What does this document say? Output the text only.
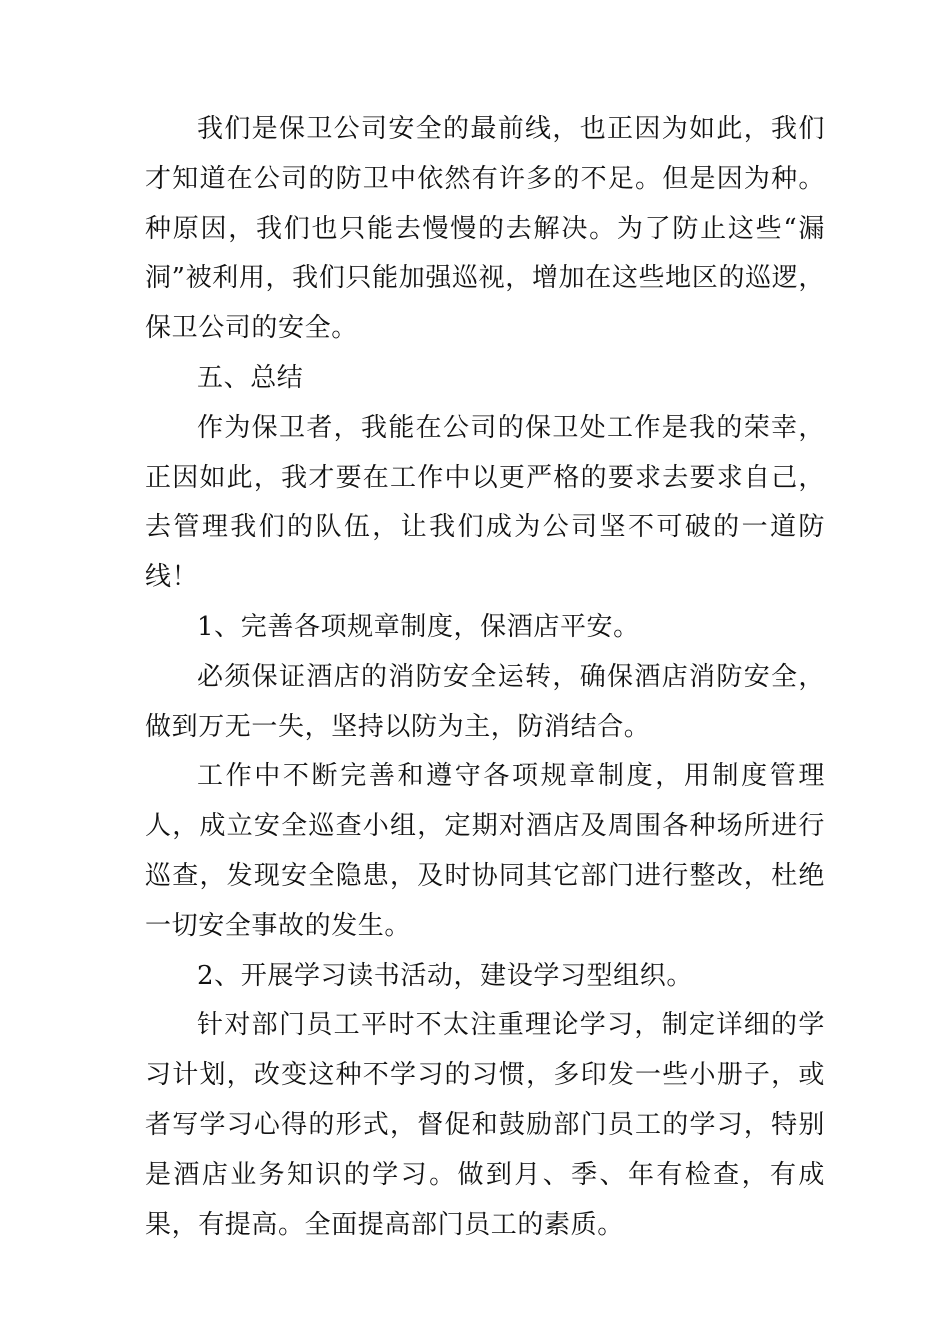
我们是保卫公司安全的最前线，也正因为如此，我们才知道在公司的防卫中依然有许多的不足。但是因为种。种原因，我们也只能去慢慢的去解决。为了防止这些“漏洞”被利用，我们只能加强巡视，增加在这些地区的巡逻，保卫公司的安全。

五、总结

作为保卫者，我能在公司的保卫处工作是我的荣幸，正因如此，我才要在工作中以更严格的要求去要求自己，去管理我们的队伍，让我们成为公司坚不可破的一道防线！

1、完善各项规章制度，保酒店平安。

必须保证酒店的消防安全运转，确保酒店消防安全，做到万无一失，坚持以防为主，防消结合。

工作中不断完善和遵守各项规章制度，用制度管理人，成立安全巡查小组，定期对酒店及周围各种场所进行巡查，发现安全隐患，及时协同其它部门进行整改，杜绝一切安全事故的发生。

2、开展学习读书活动，建设学习型组织。

针对部门员工平时不太注重理论学习，制定详细的学习计划，改变这种不学习的习惯，多印发一些小册子，或者写学习心得的形式，督促和鼓励部门员工的学习，特别是酒店业务知识的学习。做到月、季、年有检查，有成果，有提高。全面提高部门员工的素质。
